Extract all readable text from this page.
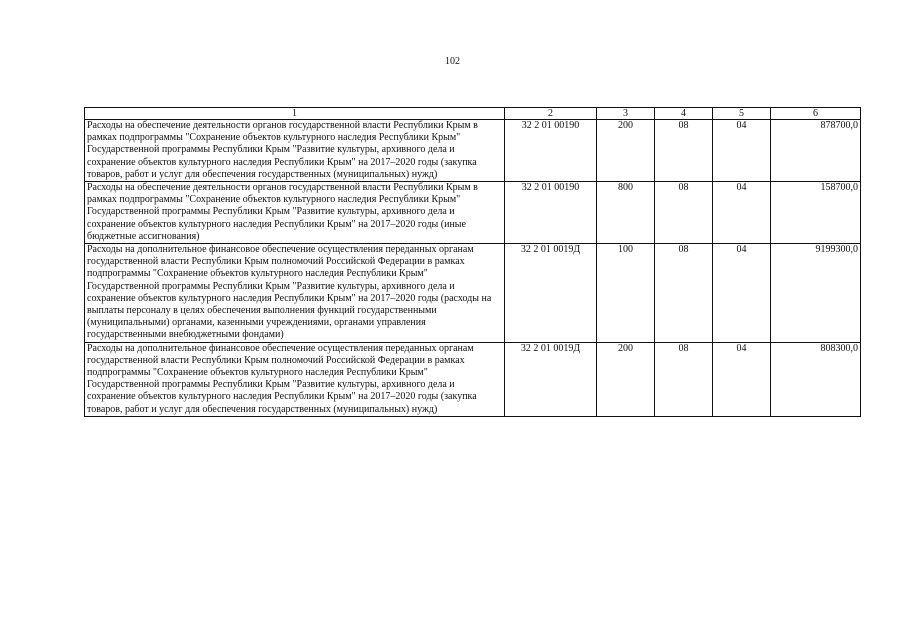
102
1	2	3	4	5	6
Расходы на обеспечение деятельности органов государственной власти Республики Крым в рамках подпрограммы "Сохранение объектов культурного наследия Республики Крым" Государственной программы Республики Крым "Развитие культуры, архивного дела и сохранение объектов культурного наследия Республики Крым" на 2017–2020 годы (закупка товаров, работ и услуг для обеспечения государственных (муниципальных) нужд)	32 2 01 00190	200	08	04	878700,0
Расходы на обеспечение деятельности органов государственной власти Республики Крым в рамках подпрограммы "Сохранение объектов культурного наследия Республики Крым" Государственной программы Республики Крым "Развитие культуры, архивного дела и сохранение объектов культурного наследия Республики Крым" на 2017–2020 годы (иные бюджетные ассигнования)	32 2 01 00190	800	08	04	158700,0
Расходы на дополнительное финансовое обеспечение осуществления переданных органам государственной власти Республики Крым полномочий Российской Федерации в рамках подпрограммы "Сохранение объектов культурного наследия Республики Крым" Государственной программы Республики Крым "Развитие культуры, архивного дела и сохранение объектов культурного наследия Республики Крым" на 2017–2020 годы (расходы на выплаты персоналу в целях обеспечения выполнения функций государственными (муниципальными) органами, казенными учреждениями, органами управления государственными внебюджетными фондами)	32 2 01 0019Д	100	08	04	9199300,0
Расходы на дополнительное финансовое обеспечение осуществления переданных органам государственной власти Республики Крым полномочий Российской Федерации в рамках подпрограммы "Сохранение объектов культурного наследия Республики Крым" Государственной программы Республики Крым "Развитие культуры, архивного дела и сохранение объектов культурного наследия Республики Крым" на 2017–2020 годы (закупка товаров, работ и услуг для обеспечения государственных (муниципальных) нужд)	32 2 01 0019Д	200	08	04	808300,0
